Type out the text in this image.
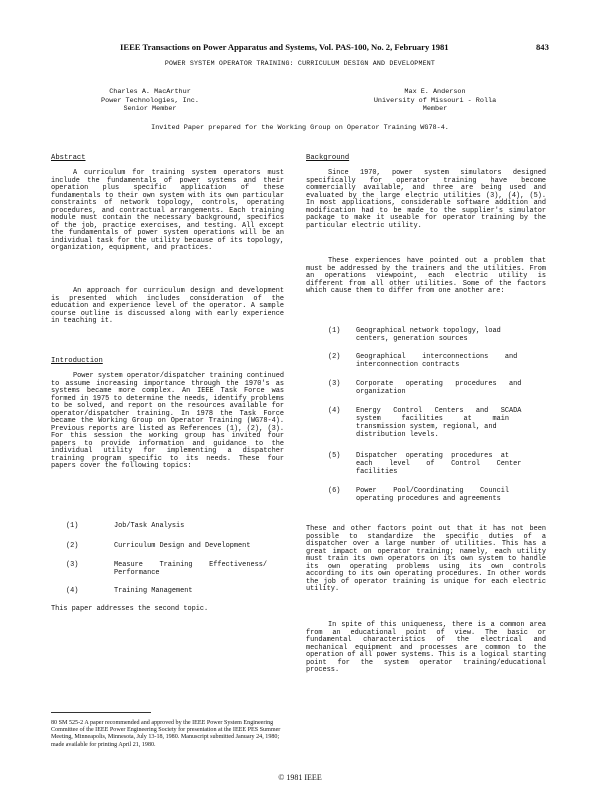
IEEE Transactions on Power Apparatus and Systems, Vol. PAS-100, No. 2, February 1981	843
POWER SYSTEM OPERATOR TRAINING: CURRICULUM DESIGN AND DEVELOPMENT
Charles A. MacArthur
Power Technologies, Inc.
Senior Member
Max E. Anderson
University of Missouri - Rolla
Member
Invited Paper prepared for the Working Group on Operator Training WG78-4.
Abstract

A curriculum for training system operators must include the fundamentals of power systems and their operation plus specific application of these fundamentals to their own system with its own particular constraints of network topology, controls, operating procedures, and contractual arrangements. Each training module must contain the necessary background, specifics of the job, practice exercises, and testing. All except the fundamentals of power system operations will be an individual task for the utility because of its topology, organization, equipment, and practices.

An approach for curriculum design and development is presented which includes consideration of the education and experience level of the operator. A sample course outline is discussed along with early experience in teaching it.

Introduction

Power system operator/dispatcher training continued to assume increasing importance through the 1970's as systems became more complex. An IEEE Task Force was formed in 1975 to determine the needs, identify problems to be solved, and report on the resources available for operator/dispatcher training. In 1978 the Task Force became the Working Group on Operator Training (WG78-4). Previous reports are listed as References (1), (2), (3). For this session the working group has invited four papers to provide information and guidance to the individual utility for implementing a dispatcher training program specific to its needs. These four papers cover the following topics:

(1)	Job/Task Analysis
(2)	Curriculum Design and Development
(3)	Measure    Training    Effectiveness/
Performance
(4)	Training Management

This paper addresses the second topic.

80 SM 525-2 A paper recommended and approved by the IEEE Power System Engineering Committee of the IEEE Power Engineering Society for presentation at the IEEE PES Summer Meeting, Minneapolis, Minnesota, July 13-18, 1980. Manuscript submitted January 24, 1980; made available for printing April 21, 1980.

Background

Since 1970, power system simulators designed specifically for operator training have become commercially available, and three are being used and evaluated by the large electric utilities (3), (4), (5). In most applications, considerable software addition and modification had to be made to the supplier's simulator package to make it useable for operator training by the particular electric utility.

These experiences have pointed out a problem that must be addressed by the trainers and the utilities. From an operations viewpoint, each electric utility is different from all other utilities. Some of the factors which cause them to differ from one another are:

(1) Geographical network topology, load
centers, generation sources
(2) Geographical    interconnections    and
interconnection contracts
(3) Corporate   operating   procedures   and
organization
(4) Energy   Control   Centers   and   SCADA
system     facilities     at     main
transmission system, regional, and
distribution levels.
(5) Dispatcher  operating  procedures  at
each    level    of    Control    Center
facilities
(6) Power    Pool/Coordinating    Council
operating procedures and agreements

These and other factors point out that it has not been possible to standardize the specific duties of a dispatcher over a large number of utilities. This has a great impact on operator training; namely, each utility must train its own operators on its own system to handle its own operating problems using its own controls according to its own operating procedures. In other words the job of operator training is unique for each electric utility.

In spite of this uniqueness, there is a common area from an educational point of view. The basic or fundamental characteristics of the electrical and mechanical equipment and processes are common to the operation of all power systems. This is a logical starting point for the system operator training/educational process.

© 1981 IEEE
